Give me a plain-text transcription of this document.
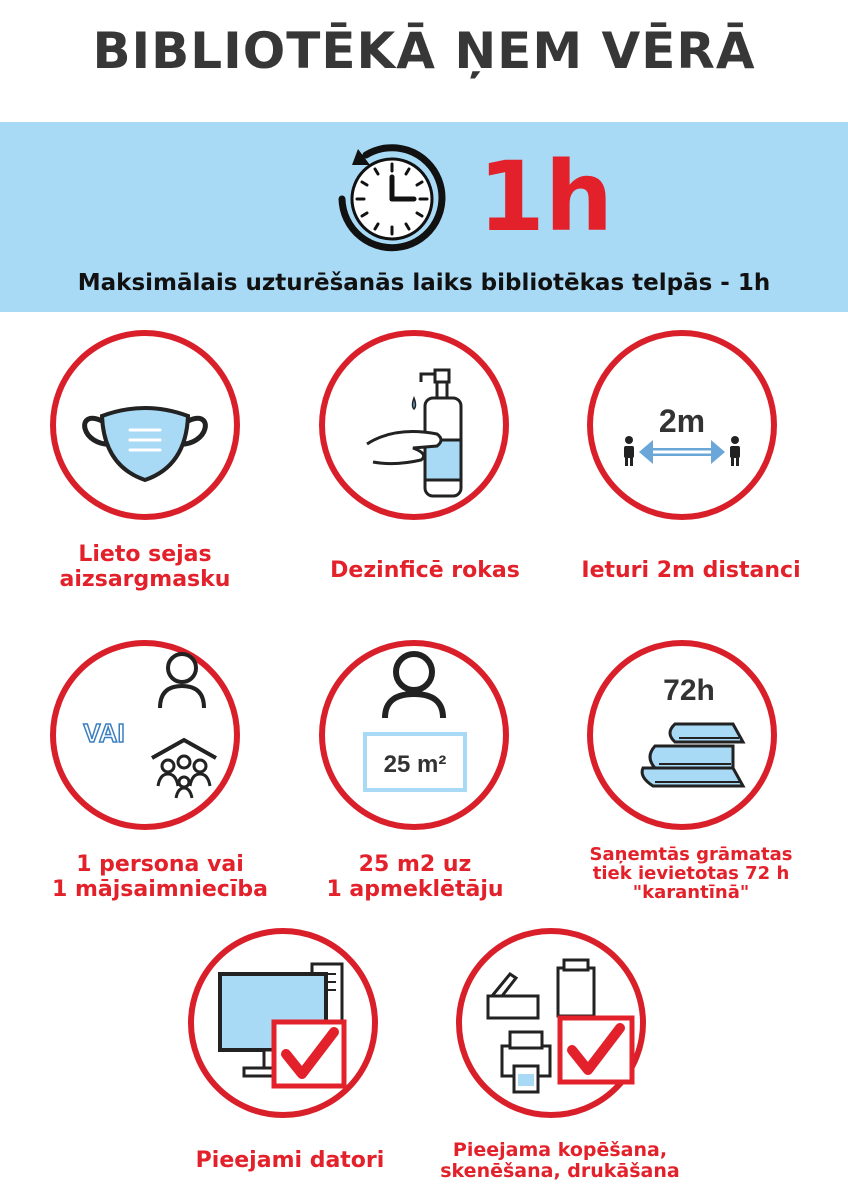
BIBLIOTĒKĀ ŅEM VĒRĀ
1h

Maksimālais uzturēšanās laiks bibliotēkas telpās - 1h

Lieto sejas
aizsargmasku	Dezinficē rokas
2m
Ieturi 2m distanci
VAI
1 persona vai
1 mājsaimniecība
25 m²
25 m2 uz
1 apmeklētāju
72h
Saņemtās grāmatas
tiek ievietotas 72 h
"karantīnā"
Pieejami datori	Pieejama kopēšana,
skenēšana, drukāšana
